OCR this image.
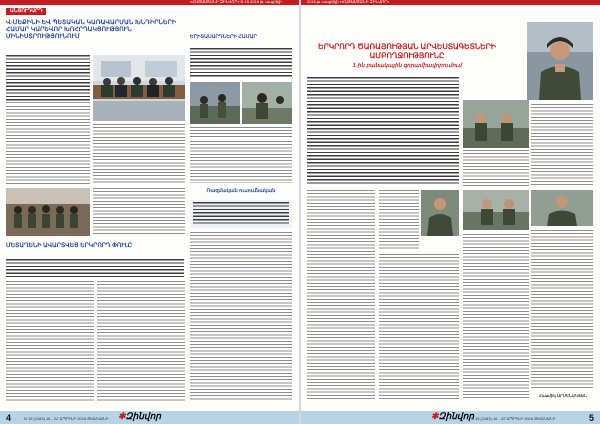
«ՀԱՅԱՍՏԱՆԻ ԶԻՆՎՈՐ» N 15 2016 թ. ապրիլի
ԱՆՑՈՒԴԱՐԴ
Վ-ՄԵՔԻՆԻ ԵՎ ՊԵՏԱԿԱՆ ԿԱՌԱՎԱՐՄԱՆ ԽՆԴԻՐՆԵՐԻ ՀԱՄԱՐ ԿԱՐԵՎՈՐ ԽՈՀՐԴԱԿՑՈՒԹՅՈՒՆ ՄԻՆԻՍՏՐՈՒԹՅՈՒՆՈՒՄ	ԵՐԻՏԱՍԱՐԴՆԵՐԻ ՀԱՄԱՐ
ՄԵՏԱՂԵՆԻ ԱՎԱՐՏՎԵՑ ԵՐԿՐՈՐԴ ՓՈՒԼԸ
Ռազմական ուսումնական
4	N 15 (1183) 16 - 22 ԱՊՐԻԼԻ 2016 ԹՎԱԿԱՆԻ ✱Զինվոր
2016 թ. ապրիլի «ՀԱՅԱՍՏԱՆԻ ԶԻՆՎՈՐ»
ԵՐԿՐՈՐԴ ԾԱՌԱՅՈՒԹՅԱՆ ԱՐՎԵՍՏԱԳԵՏՆԵՐԻ ԱՄԲՈՂՋՈՒԹՅՈՒՆԸ
1-ին բանակային զորամիավորումում
Հասմիկ ԱՐՄԵՆԱԿՅԱՆ
✱Զինվոր
N 15 (1183) 16 - 22 ԱՊՐԻԼԻ 2016 ԹՎԱԿԱՆԻ	5
